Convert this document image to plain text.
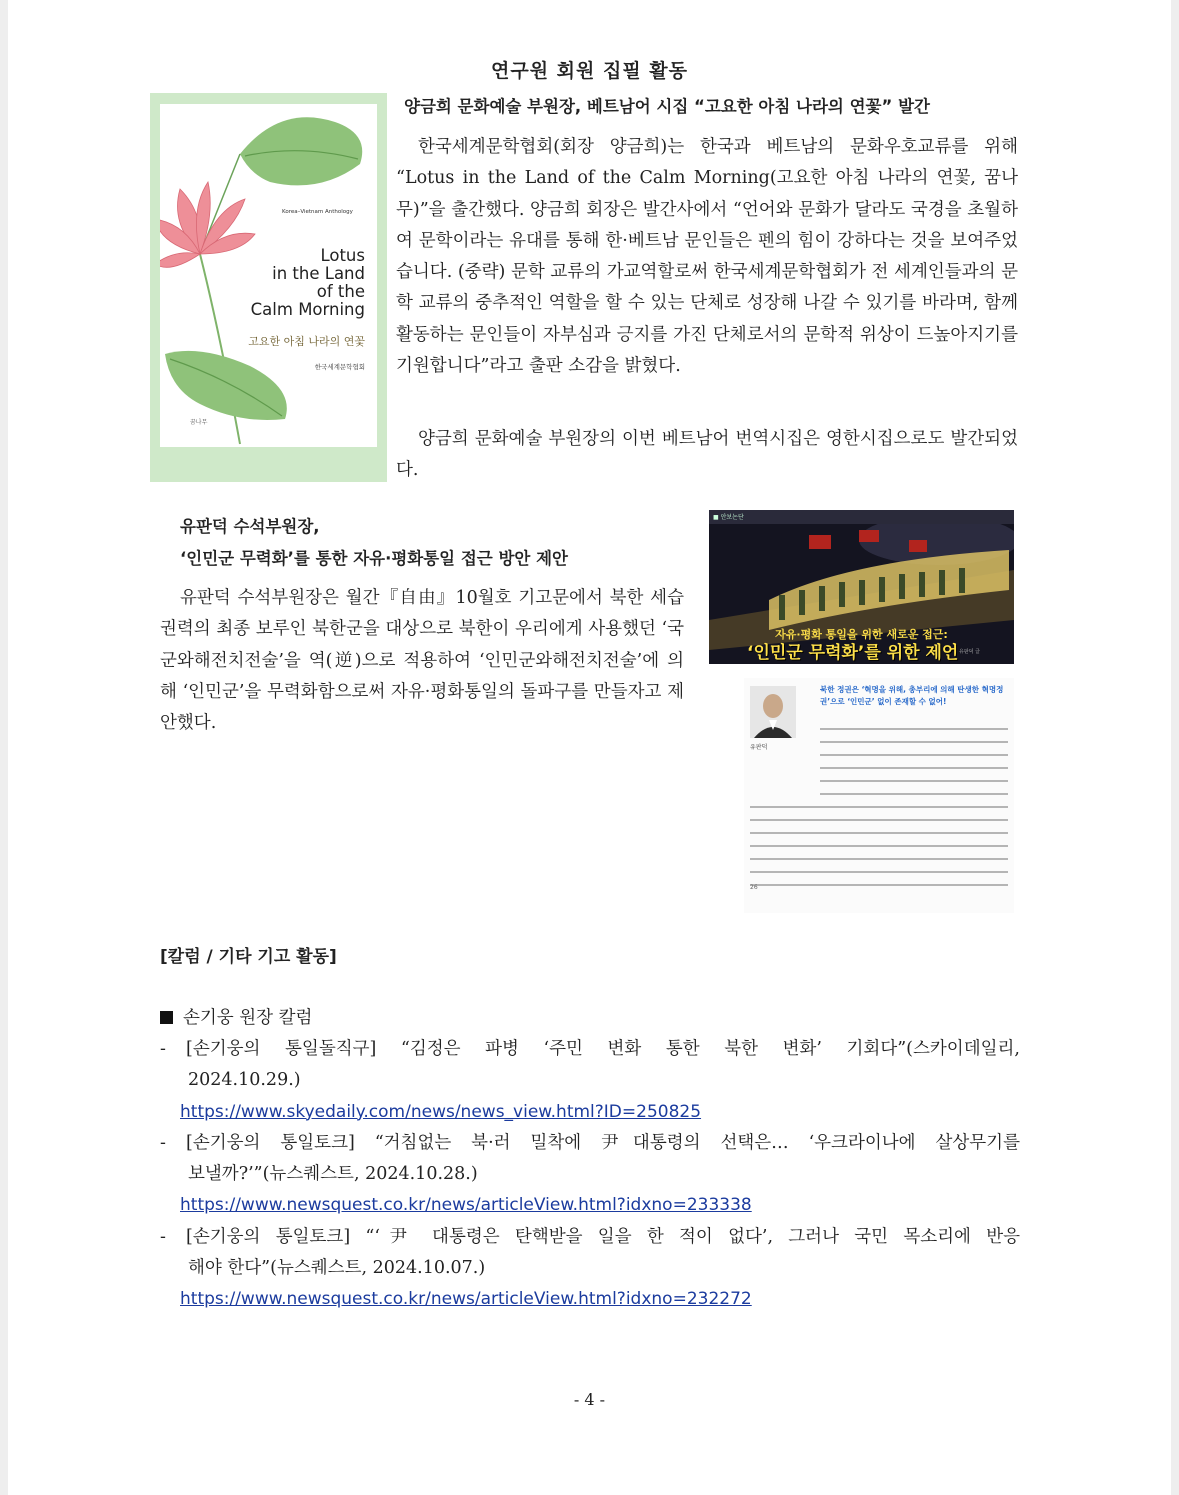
연구원 회원 집필 활동
양금희 문화예술 부원장, 베트남어 시집 “고요한 아침 나라의 연꽃” 발간
Korea–Vietnam Anthology
Lotus
in the Land
of the
Calm Morning
고요한 아침 나라의 연꽃
한국세계문학협회
꿈나무

한국세계문학협회(회장 양금희)는 한국과 베트남의 문화우호교류를 위해 “Lotus in the Land of the Calm Morning(고요한 아침 나라의 연꽃, 꿈나무)”을 출간했다. 양금희 회장은 발간사에서 “언어와 문화가 달라도 국경을 초월하여 문학이라는 유대를 통해 한·베트남 문인들은 펜의 힘이 강하다는 것을 보여주었습니다. (중략) 문학 교류의 가교역할로써 한국세계문학협회가 전 세계인들과의 문학 교류의 중추적인 역할을 할 수 있는 단체로 성장해 나갈 수 있기를 바라며, 함께 활동하는 문인들이 자부심과 긍지를 가진 단체로서의 문학적 위상이 드높아지기를 기원합니다”라고 출판 소감을 밝혔다.

양금희 문화예술 부원장의 이번 베트남어 번역시집은 영한시집으로도 발간되었다.

유판덕 수석부원장,
‘인민군 무력화’를 통한 자유·평화통일 접근 방안 제안

유판덕 수석부원장은 월간『自由』10월호 기고문에서 북한 세습권력의 최종 보루인 북한군을 대상으로 북한이 우리에게 사용했던 ‘국군와해전치전술’을 역(逆)으로 적용하여 ‘인민군와해전치전술’에 의해 ‘인민군’을 무력화함으로써 자유·평화통일의 돌파구를 만들자고 제안했다.

■ 안보논단
자유·평화 통일을 위한 새로운 접근:
‘인민군 무력화’를 위한 제언 유판덕 글
유판덕
북한 정권은 ‘혁명을 위해, 총부리에 의해 탄생한 혁명정권’으로 ‘인민군’ 없이 존재할 수 없어!
26
[칼럼 / 기타 기고 활동]
손기웅 원장 칼럼
-	[손기웅의 통일돌직구] “김정은 파병 ‘주민 변화 통한 북한 변화’ 기회다”(스카이데일리,
2024.10.29.)
https://www.skyedaily.com/news/news_view.html?ID=250825
-	[손기웅의 통일토크] “거침없는 북·러 밀착에 尹대통령의 선택은… ‘우크라이나에 살상무기를
보낼까?’”(뉴스퀘스트, 2024.10.28.)
https://www.newsquest.co.kr/news/articleView.html?idxno=233338
-	[손기웅의 통일토크] “‘尹 대통령은 탄핵받을 일을 한 적이 없다’, 그러나 국민 목소리에 반응
해야 한다”(뉴스퀘스트, 2024.10.07.)
https://www.newsquest.co.kr/news/articleView.html?idxno=232272
- 4 -
